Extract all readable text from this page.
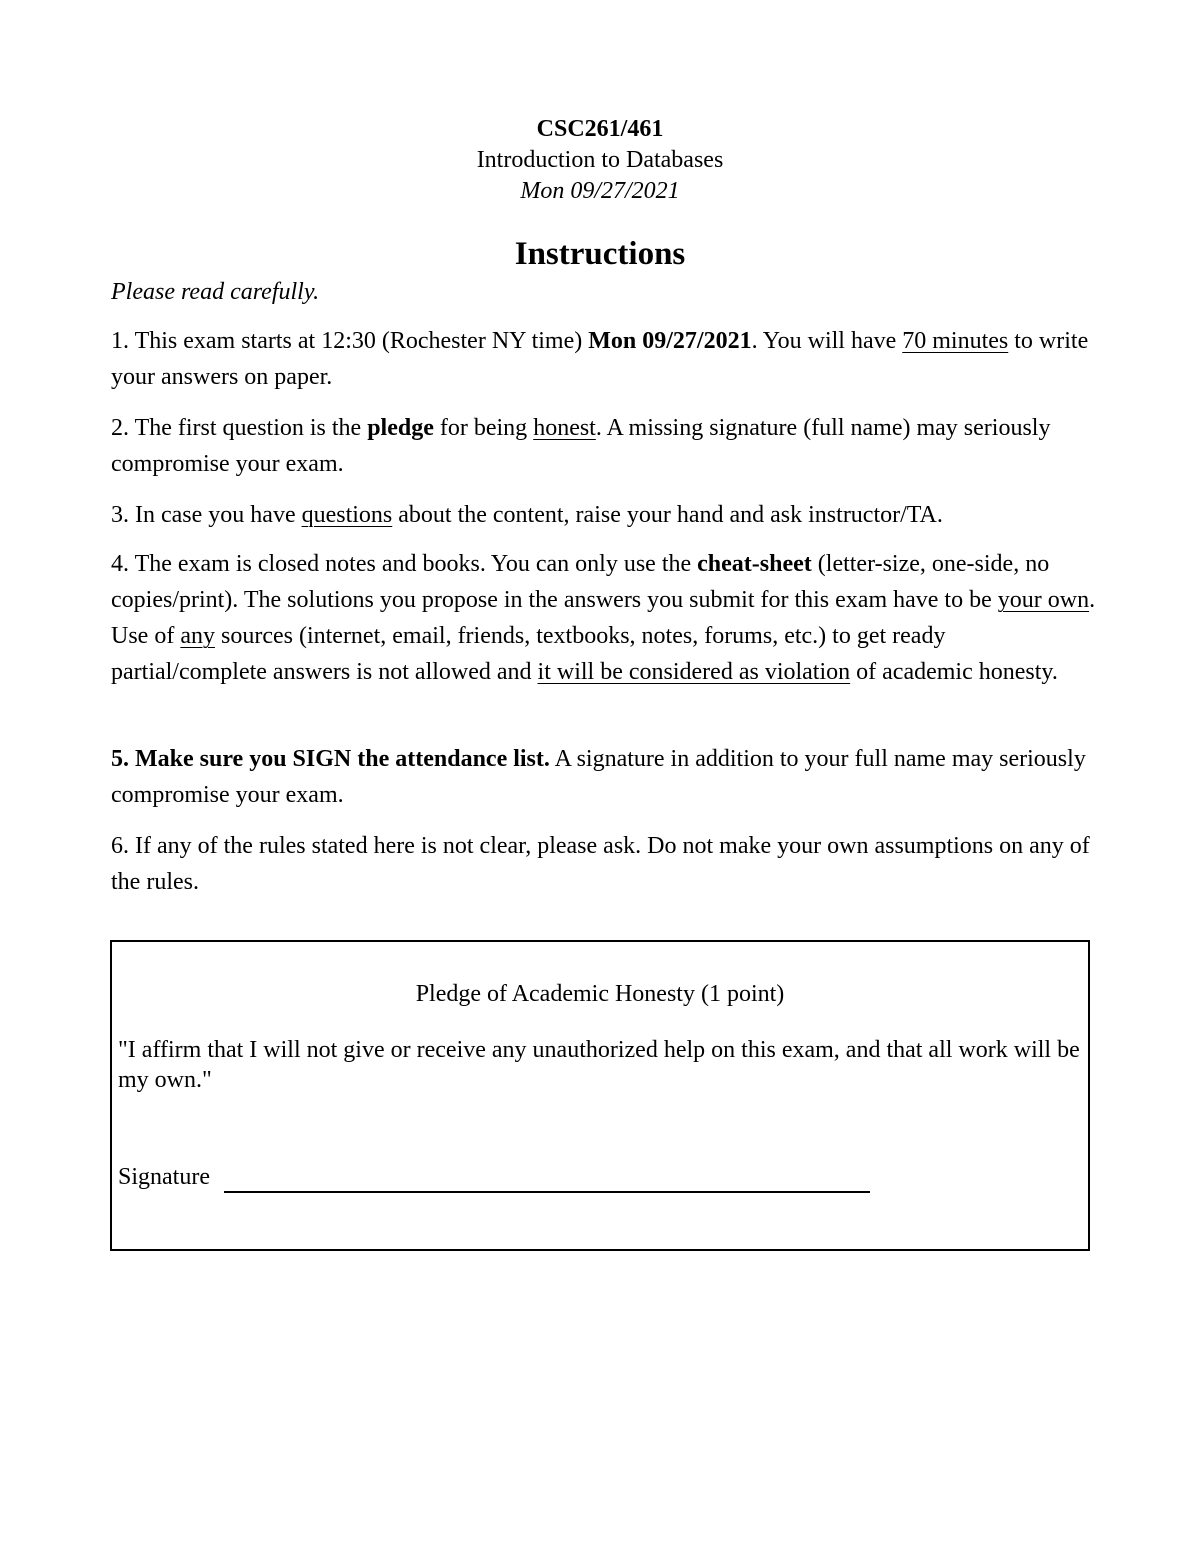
CSC261/461
Introduction to Databases
Mon 09/27/2021
Instructions
Please read carefully.

1. This exam starts at 12:30 (Rochester NY time) Mon 09/27/2021. You will have 70 minutes to write your answers on paper.

2. The first question is the pledge for being honest. A missing signature (full name) may seriously compromise your exam.

3. In case you have questions about the content, raise your hand and ask instructor/TA.

4. The exam is closed notes and books. You can only use the cheat-sheet (letter-size, one-side, no copies/print). The solutions you propose in the answers you submit for this exam have to be your own. Use of any sources (internet, email, friends, textbooks, notes, forums, etc.) to get ready partial/complete answers is not allowed and it will be considered as violation of academic honesty.

5. Make sure you SIGN the attendance list. A signature in addition to your full name may seriously compromise your exam.

6. If any of the rules stated here is not clear, please ask. Do not make your own assumptions on any of the rules.

Pledge of Academic Honesty (1 point)
"I affirm that I will not give or receive any unauthorized help on this exam, and that all work will be my own."
Signature
